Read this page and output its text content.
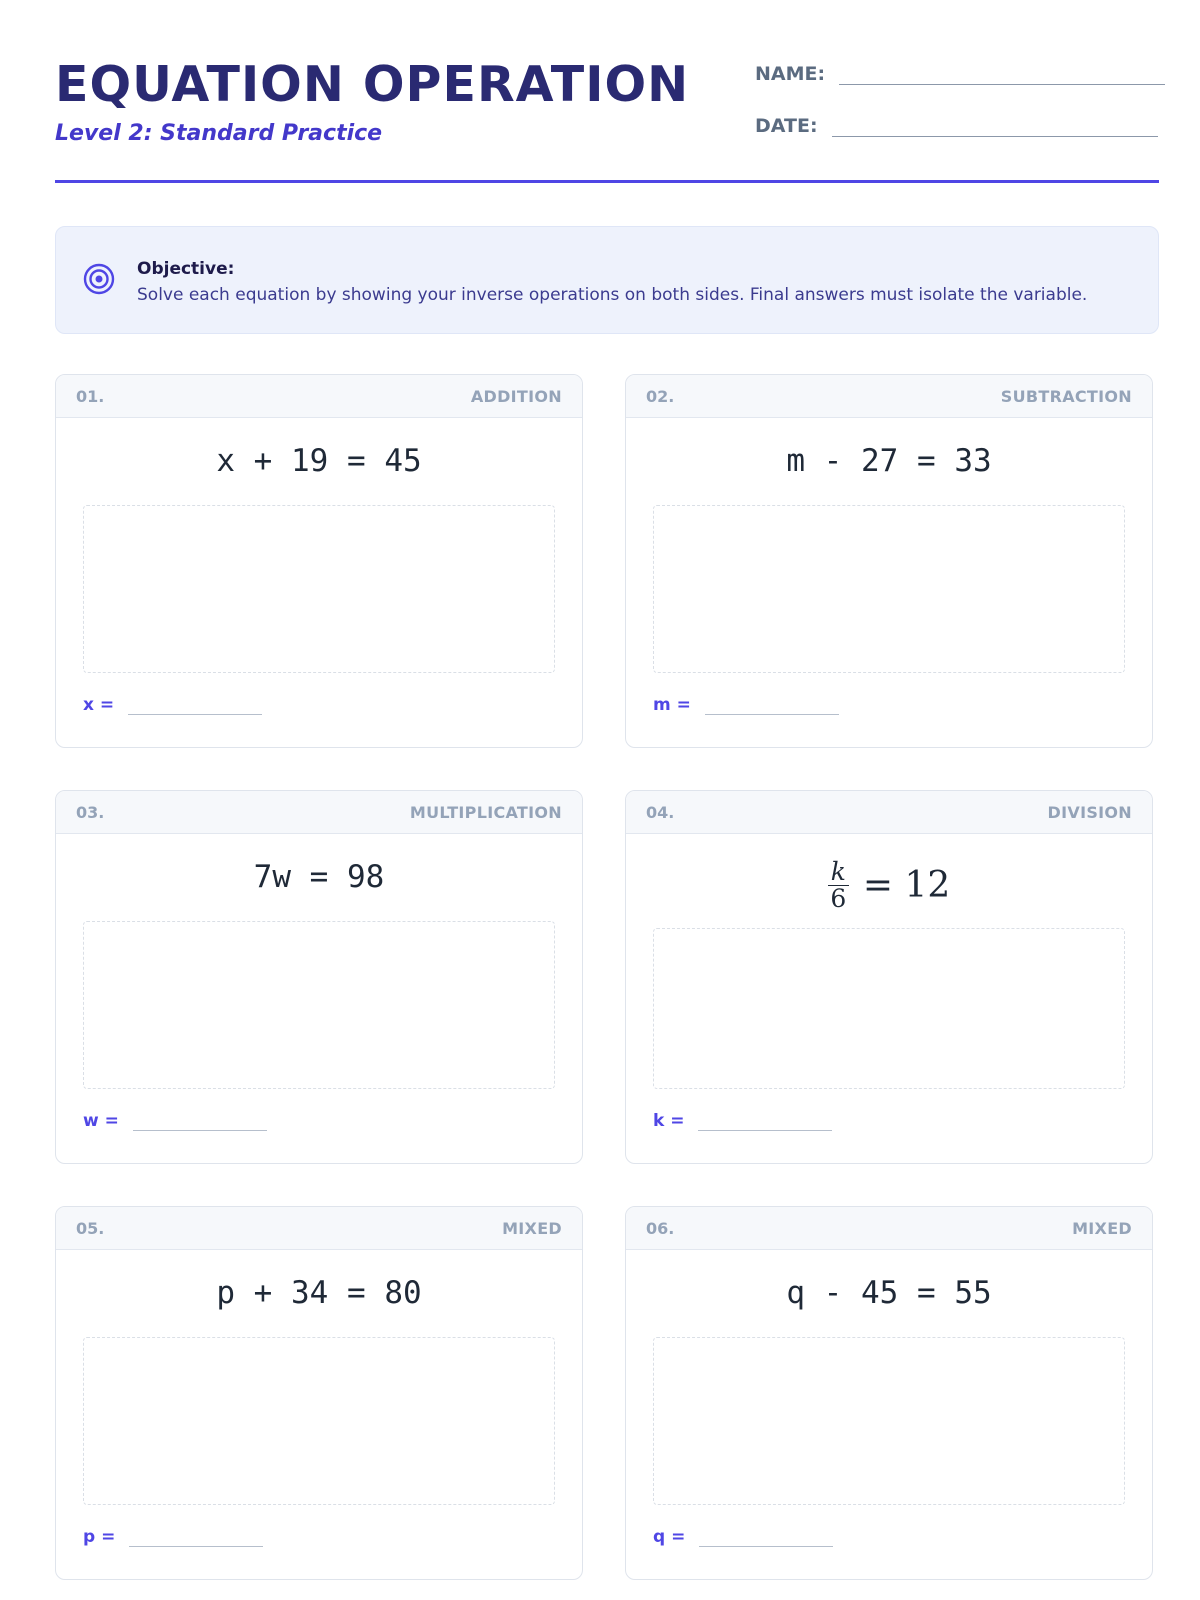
EQUATION OPERATION
Level 2: Standard Practice
NAME:
DATE:
Objective:
Solve each equation by showing your inverse operations on both sides. Final answers must isolate the variable.
01.	ADDITION
x + 19 = 45
x =
02.	SUBTRACTION
m - 27 = 33
m =
03.	MULTIPLICATION
7w = 98
w =
04.	DIVISION
$\frac{k}{6} = 12$
k =
05.	MIXED
p + 34 = 80
p =
06.	MIXED
q - 45 = 55
q =
